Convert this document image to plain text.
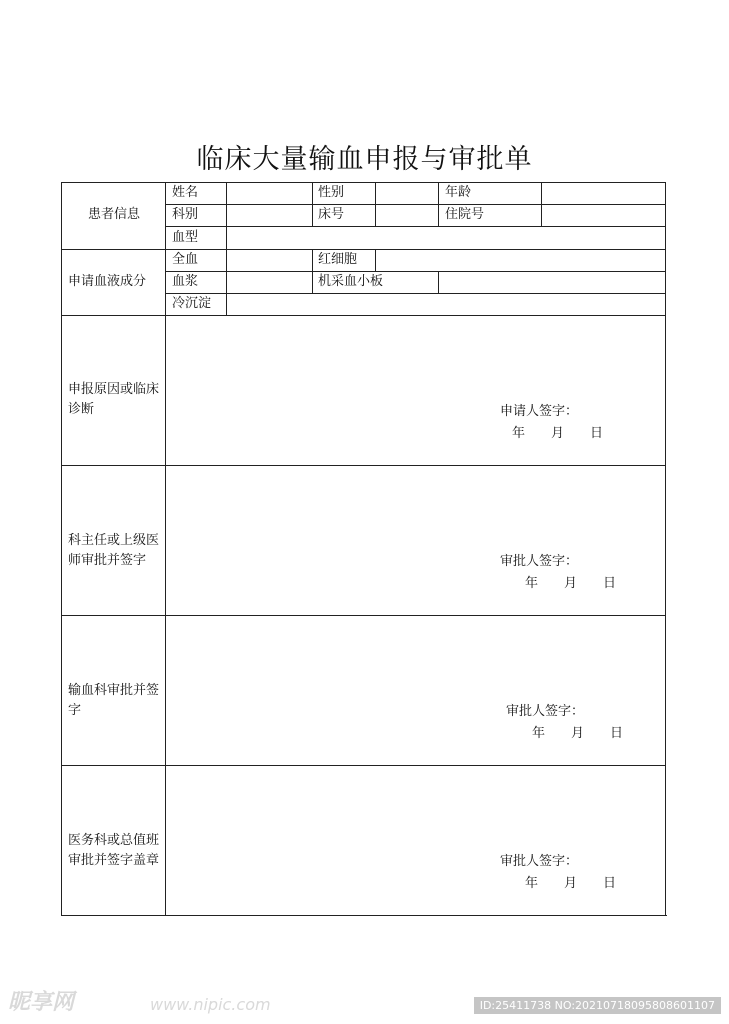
临床大量输血申报与审批单
患者信息
姓名	性别	年龄
科别	床号	住院号
血型
申请血液成分
全血	红细胞
血浆	机采血小板
冷沉淀
申报原因或临床诊断	申请人签字：
年 月 日
科主任或上级医师审批并签字	审批人签字：
年 月 日
输血科审批并签字	审批人签字：
年 月 日
医务科或总值班审批并签字盖章	审批人签字：
年 月 日
昵享网	www.nipic.com	ID:25411738 NO:20210718095808601107
